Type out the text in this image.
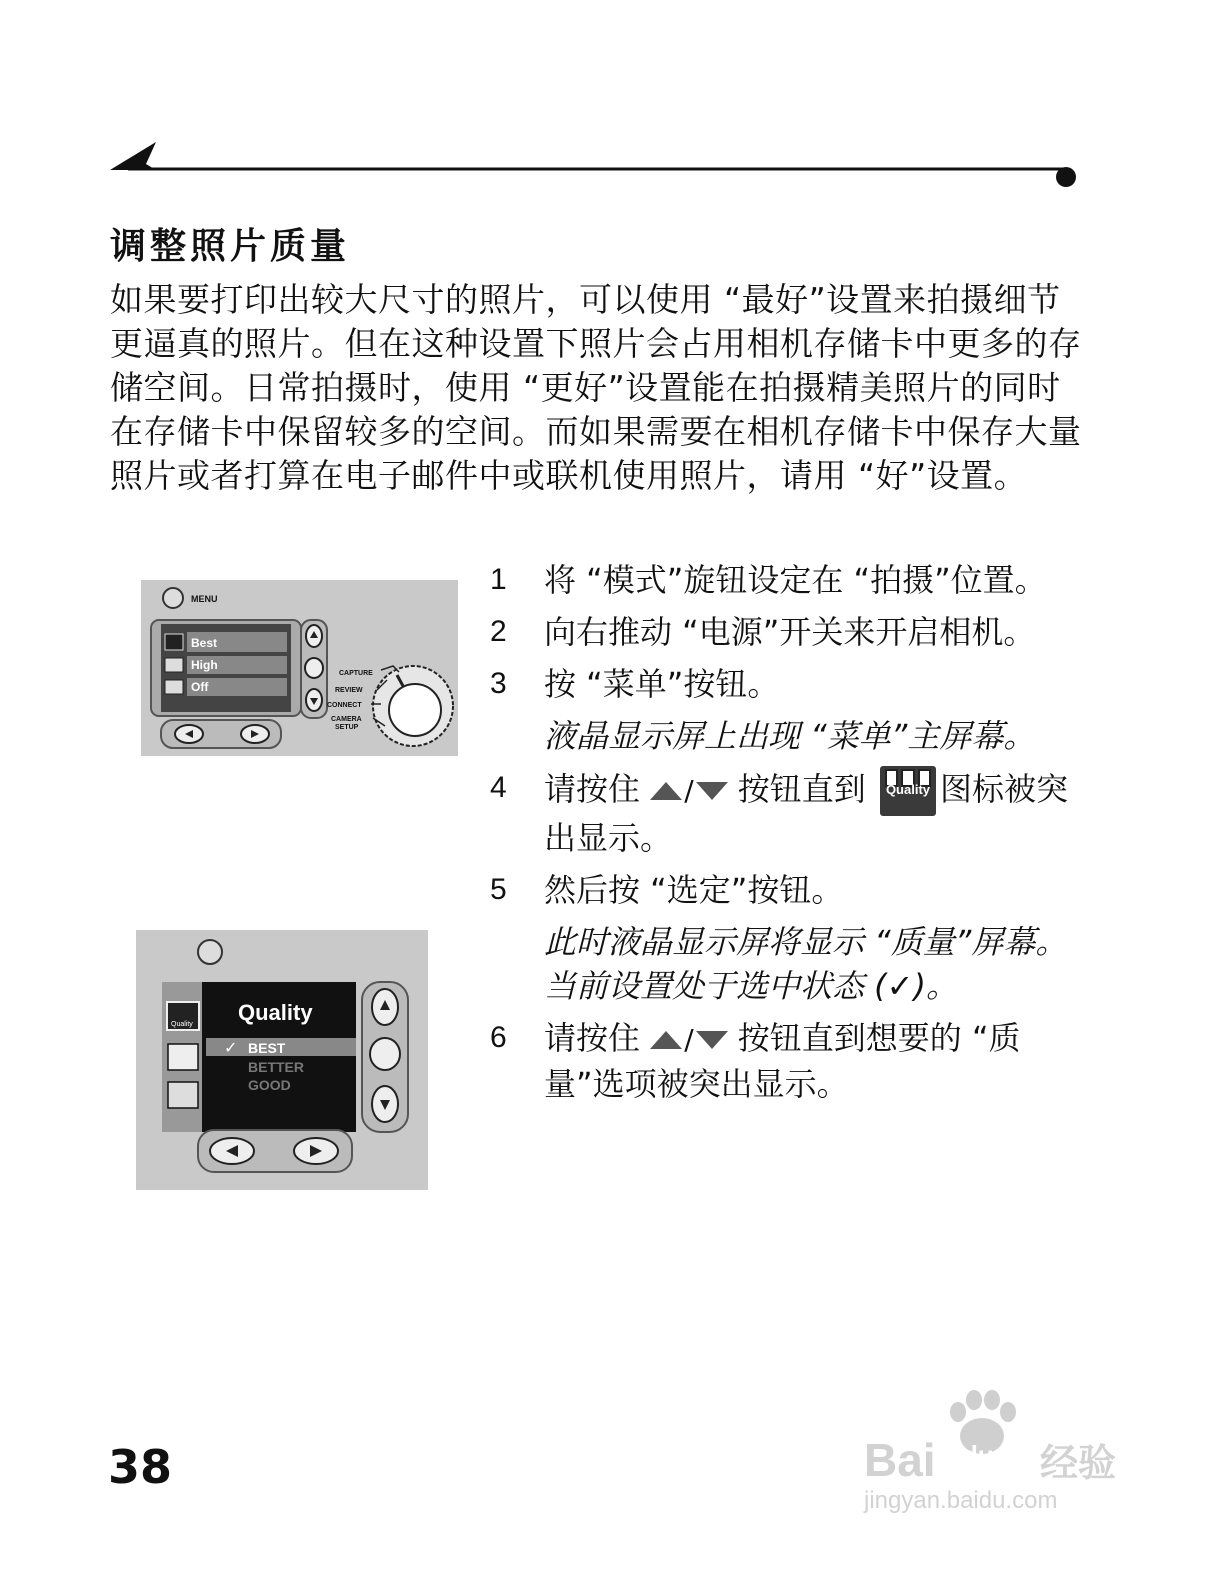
调整照片质量

如果要打印出较大尺寸的照片，可以使用 “最好”设置来拍摄细节更逼真的照片。但在这种设置下照片会占用相机存储卡中更多的存储空间。日常拍摄时，使用 “更好”设置能在拍摄精美照片的同时在存储卡中保留较多的空间。而如果需要在相机存储卡中保存大量照片或者打算在电子邮件中或联机使用照片，请用 “好”设置。

MENU
Best
High
Off
CAPTURE
REVIEW
CONNECT
CAMERA
SETUP
Quality Quality
✓ BEST
BETTER
GOOD
1 将 “模式”旋钮设定在 “拍摄”位置。
2 向右推动 “电源”开关来开启相机。
3 按 “菜单”按钮。
液晶显示屏上出现 “菜单”主屏幕。
4 请按住 / 按钮直到	Quality 图标被突出显示。
5 然后按 “选定”按钮。
此时液晶显示屏将显示 “质量”屏幕。当前设置处于选中状态 (✓)。
6 请按住 / 按钮直到想要的 “质量”选项被突出显示。
38	Bai du 经验
jingyan.baidu.com
